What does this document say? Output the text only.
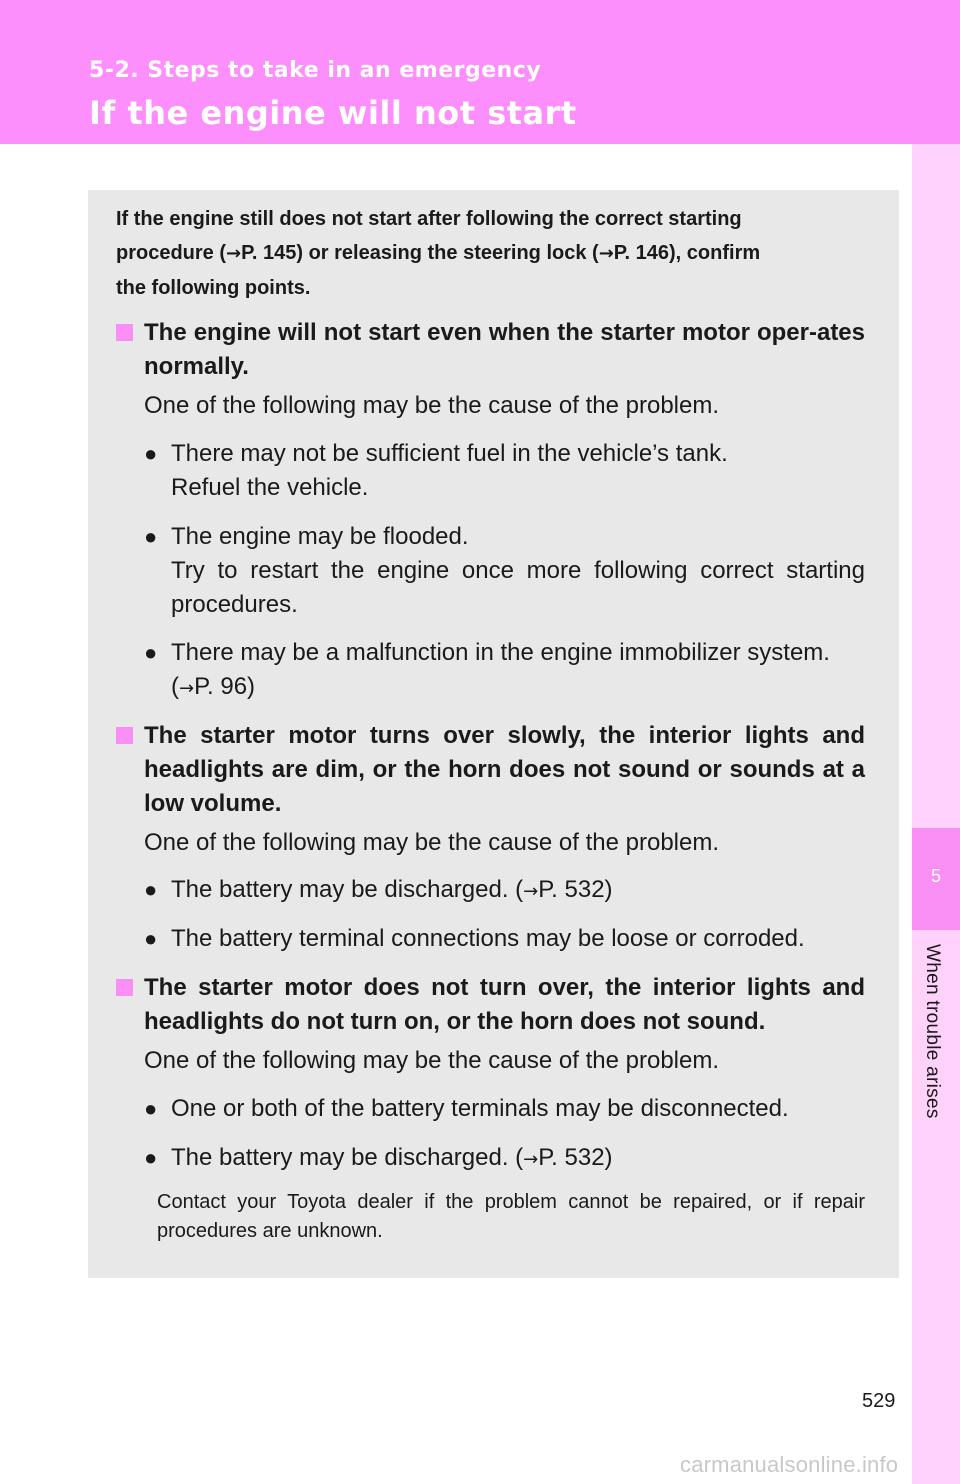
5-2. Steps to take in an emergency
If the engine will not start
5
When trouble arises
If the engine still does not start after following the correct starting
procedure (→P. 145) or releasing the steering lock (→P. 146), confirm
the following points.
The engine will not start even when the starter motor oper-ates normally.
One of the following may be the cause of the problem.
● There may not be sufficient fuel in the vehicle’s tank.
Refuel the vehicle.
● The engine may be flooded.
Try to restart the engine once more following correct starting procedures.
● There may be a malfunction in the engine immobilizer system.
(→P. 96)
The starter motor turns over slowly, the interior lights and headlights are dim, or the horn does not sound or sounds at a low volume.
One of the following may be the cause of the problem.
● The battery may be discharged. (→P. 532)
● The battery terminal connections may be loose or corroded.
The starter motor does not turn over, the interior lights and headlights do not turn on, or the horn does not sound.
One of the following may be the cause of the problem.
● One or both of the battery terminals may be disconnected.
● The battery may be discharged. (→P. 532)
Contact your Toyota dealer if the problem cannot be repaired, or if repair procedures are unknown.
529
carmanualsonline.info
